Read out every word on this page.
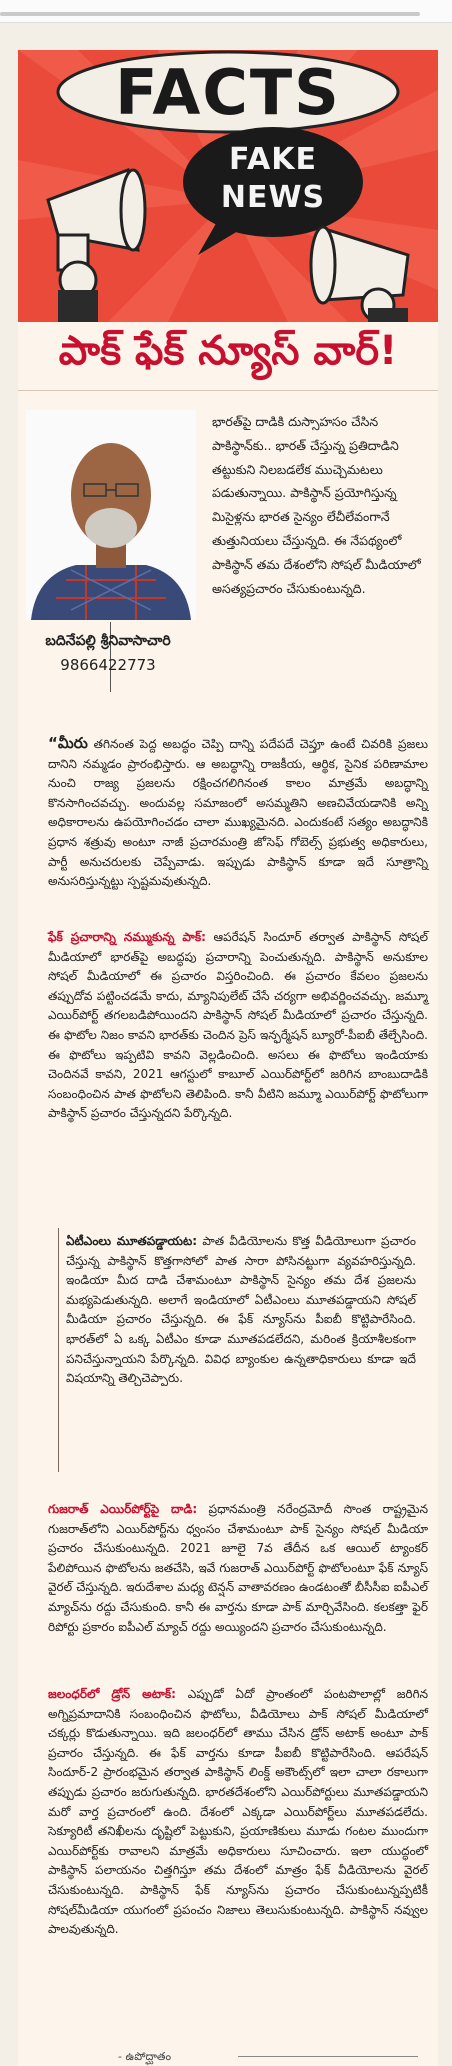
FACTS
FAKE
NEWS
పాక్ ఫేక్ న్యూస్ వార్!
బదినేపల్లి శ్రీనివాసాచారి
9866422773
భారత్‌పై దాడికి దుస్సాహసం చేసిన పాకిస్థాన్‌కు.. భారత్ చేస్తున్న ప్రతిదాడిని తట్టుకుని నిలబడలేక ముచ్చెమటలు పడుతున్నాయి. పాకిస్థాన్ ప్రయోగిస్తున్న మిసైళ్లను భారత సైన్యం లేచీలేవంగానే తుత్తునియలు చేస్తున్నది. ఈ నేపథ్యంలో పాకిస్థాన్ తమ దేశంలోని సోషల్ మీడియాలో అసత్యప్రచారం చేసుకుంటున్నది.

“మీరు తగినంత పెద్ద అబద్ధం చెప్పి దాన్ని పదేపదే చెప్తూ ఉంటే చివరికి ప్రజలు దానిని నమ్మడం ప్రారంభిస్తారు. ఆ అబద్ధాన్ని రాజకీయ, ఆర్థిక, సైనిక పరిణామాల నుంచి రాజ్య ప్రజలను రక్షించగలిగినంత కాలం మాత్రమే అబద్ధాన్ని కొనసాగించవచ్చు. అందువల్ల సమాజంలో అసమ్మతిని అణచివేయడానికి అన్ని అధికారాలను ఉపయోగించడం చాలా ముఖ్యమైనది. ఎందుకంటే సత్యం అబద్ధానికి ప్రధాన శత్రువు అంటూ నాజీ ప్రచారమంత్రి జోసెఫ్ గోబెల్స్ ప్రభుత్వ అధికారులు, పార్టీ అనుచరులకు చెప్పేవాడు. ఇప్పుడు పాకిస్థాన్ కూడా ఇదే సూత్రాన్ని అనుసరిస్తున్నట్టు స్పష్టమవుతున్నది.

ఫేక్ ప్రచారాన్ని నమ్ముకున్న పాక్: ఆపరేషన్ సిందూర్ తర్వాత పాకిస్థాన్ సోషల్ మీడియాలో భారత్‌పై అబద్ధపు ప్రచారాన్ని పెంచుతున్నది. పాకిస్థాన్ అనుకూల సోషల్ మీడియాలో ఈ ప్రచారం విస్తరించింది. ఈ ప్రచారం కేవలం ప్రజలను తప్పుదోవ పట్టించడమే కాదు, మ్యానిపులేట్ చేసే చర్యగా అభివర్ణించవచ్చు. జమ్మూ ఎయిర్‌పోర్ట్ తగలబడిపోయిందని పాకిస్థాన్ సోషల్ మీడియాలో ప్రచారం చేస్తున్నది. ఈ ఫొటోల నిజం కావని భారత్‌కు చెందిన ప్రెస్ ఇన్ఫర్మేషన్ బ్యూరో-పీఐబీ తేల్చేసింది. ఈ ఫొటోలు ఇప్పటివి కావని వెల్లడించింది. అసలు ఈ ఫొటోలు ఇండియాకు చెందినవే కావని, 2021 ఆగస్టులో కాబూల్ ఎయిర్‌పోర్ట్‌లో జరిగిన బాంబుదాడికి సంబంధించిన పాత ఫొటోలని తెలిపింది. కానీ వీటిని జమ్మూ ఎయిర్‌పోర్ట్ ఫొటోలుగా పాకిస్థాన్ ప్రచారం చేస్తున్నదని పేర్కొన్నది.

ఏటీఎంలు మూతపడ్డాయట: పాత వీడియోలను కొత్త వీడియోలుగా ప్రచారం చేస్తున్న పాకిస్థాన్ కొత్తగాసోలో పాత సారా పోసినట్టుగా వ్యవహరిస్తున్నది. ఇండియా మీద దాడి చేశామంటూ పాకిస్థాన్ సైన్యం తమ దేశ ప్రజలను మభ్యపెడుతున్నది. అలాగే ఇండియాలో ఏటీఎంలు మూతపడ్డాయని సోషల్ మీడియా ప్రచారం చేస్తున్నది. ఈ ఫేక్ న్యూస్‌ను పీఐబీ కొట్టిపారేసింది. భారత్‌లో ఏ ఒక్క ఏటీఎం కూడా మూతపడలేదని, మరింత క్రియాశీలకంగా పనిచేస్తున్నాయని పేర్కొన్నది. వివిధ బ్యాంకుల ఉన్నతాధికారులు కూడా ఇదే విషయాన్ని తెల్చిచెప్పారు.

గుజరాత్ ఎయిర్‌పోర్ట్‌పై దాడి: ప్రధానమంత్రి నరేంద్రమోదీ సొంత రాష్ట్రమైన గుజరాత్‌లోని ఎయిర్‌పోర్ట్‌ను ధ్వంసం చేశామంటూ పాక్ సైన్యం సోషల్ మీడియా ప్రచారం చేసుకుంటున్నది. 2021 జూలై 7వ తేదీన ఒక ఆయిల్ ట్యాంకర్ పేలిపోయిన ఫొటోలను జతచేసి, ఇవే గుజరాత్ ఎయిర్‌పోర్ట్ ఫొటోలంటూ ఫేక్ న్యూస్ వైరల్ చేస్తున్నది. ఇరుదేశాల మధ్య టెన్షన్ వాతావరణం ఉండటంతో బీసీసీఐ ఐపీఎల్ మ్యాచ్‌ను రద్దు చేసుకుంది. కానీ ఈ వార్తను కూడా పాక్ మార్చివేసింది. కలకత్తా ఫైర్ రిపోర్టు ప్రకారం ఐపీఎల్ మ్యాచ్ రద్దు అయ్యిందని ప్రచారం చేసుకుంటున్నది.

జలంధర్‌లో డ్రోన్ అటాక్: ఎప్పుడో ఏదో ప్రాంతంలో పంటపొలాల్లో జరిగిన అగ్నిప్రమాదానికి సంబంధించిన ఫొటోలు, వీడియోలు పాక్ సోషల్ మీడియాలో చక్కర్లు కొడుతున్నాయి. ఇది జలంధర్‌లో తాము చేసిన డ్రోన్ అటాక్ అంటూ పాక్ ప్రచారం చేస్తున్నది. ఈ ఫేక్ వార్తను కూడా పీఐబీ కొట్టిపారేసింది. ఆపరేషన్ సిందూర్-2 ప్రారంభమైన తర్వాత పాకిస్థాన్ లింక్డ్ అకౌంట్స్‌లో ఇలా చాలా రకాలుగా తప్పుడు ప్రచారం జరుగుతున్నది. భారతదేశంలోని ఎయిర్‌పోర్టులు మూతపడ్డాయని మరో వార్త ప్రచారంలో ఉంది. దేశంలో ఎక్కడా ఎయిర్‌పోర్ట్‌లు మూతపడలేదు. సెక్యూరిటీ తనిఖీలను దృష్టిలో పెట్టుకుని, ప్రయాణికులు మూడు గంటల ముందుగా ఎయిర్‌పోర్ట్‌కు రావాలని మాత్రమే అధికారులు సూచించారు. ఇలా యుద్ధంలో పాకిస్థాన్ పలాయనం చిత్తగిస్తూ తమ దేశంలో మాత్రం ఫేక్ వీడియోలను వైరల్ చేసుకుంటున్నది. పాకిస్థాన్ ఫేక్ న్యూస్‌ను ప్రచారం చేసుకుంటున్నప్పటికీ సోషల్‌మీడియా యుగంలో ప్రపంచం నిజాలు తెలుసుకుంటున్నది. పాకిస్థాన్ నవ్వుల పాలవుతున్నది.

- ఉపోద్ఘాతం
